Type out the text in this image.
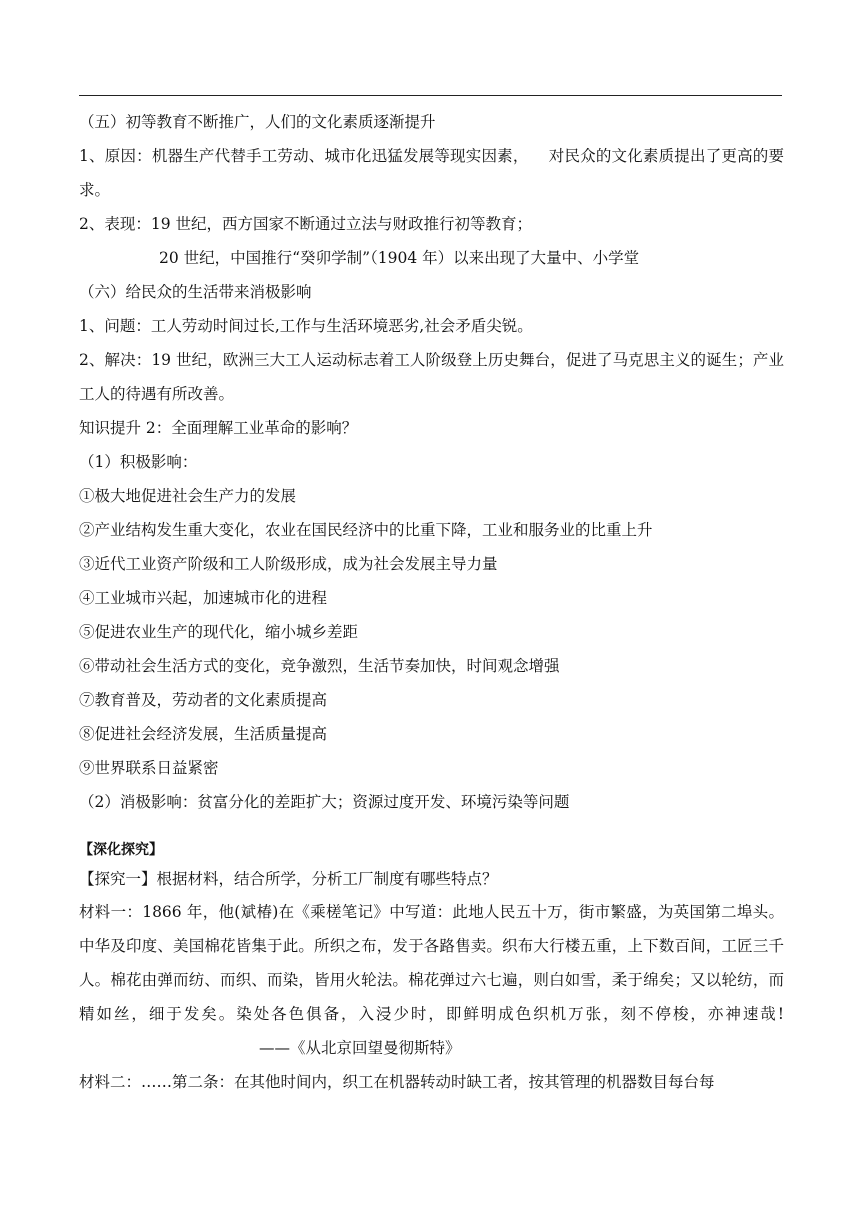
（五）初等教育不断推广，人们的文化素质逐渐提升
1、原因：机器生产代替手工劳动、城市化迅猛发展等现实因素， 对民众的文化素质提出了更高的要求。
2、表现：19 世纪，西方国家不断通过立法与财政推行初等教育；
20 世纪，中国推行“癸卯学制”（1904 年）以来出现了大量中、小学堂
（六）给民众的生活带来消极影响
1、问题：工人劳动时间过长,工作与生活环境恶劣,社会矛盾尖锐。
2、解决：19 世纪，欧洲三大工人运动标志着工人阶级登上历史舞台，促进了马克思主义的诞生；产业工人的待遇有所改善。
知识提升 2：全面理解工业革命的影响？
（1）积极影响：
①极大地促进社会生产力的发展
②产业结构发生重大变化，农业在国民经济中的比重下降，工业和服务业的比重上升
③近代工业资产阶级和工人阶级形成，成为社会发展主导力量
④工业城市兴起，加速城市化的进程
⑤促进农业生产的现代化，缩小城乡差距
⑥带动社会生活方式的变化，竞争激烈，生活节奏加快，时间观念增强
⑦教育普及，劳动者的文化素质提高
⑧促进社会经济发展，生活质量提高
⑨世界联系日益紧密
（2）消极影响：贫富分化的差距扩大；资源过度开发、环境污染等问题
【深化探究】
【探究一】根据材料，结合所学，分析工厂制度有哪些特点？
材料一：1866 年，他(斌椿)在《乘槎笔记》中写道：此地人民五十万，街市繁盛，为英国第二埠头。中华及印度、美国棉花皆集于此。所织之布，发于各路售卖。织布大行楼五重，上下数百间，工匠三千人。棉花由弹而纺、而织、而染，皆用火轮法。棉花弹过六七遍，则白如雪，柔于绵矣；又以轮纺，而精如丝，细于发矣。染处各色俱备，入浸少时，即鲜明成色织机万张，刻不停梭，亦神速哉!——《从北京回望曼彻斯特》
材料二：……第二条：在其他时间内，织工在机器转动时缺工者，按其管理的机器数目每台每
